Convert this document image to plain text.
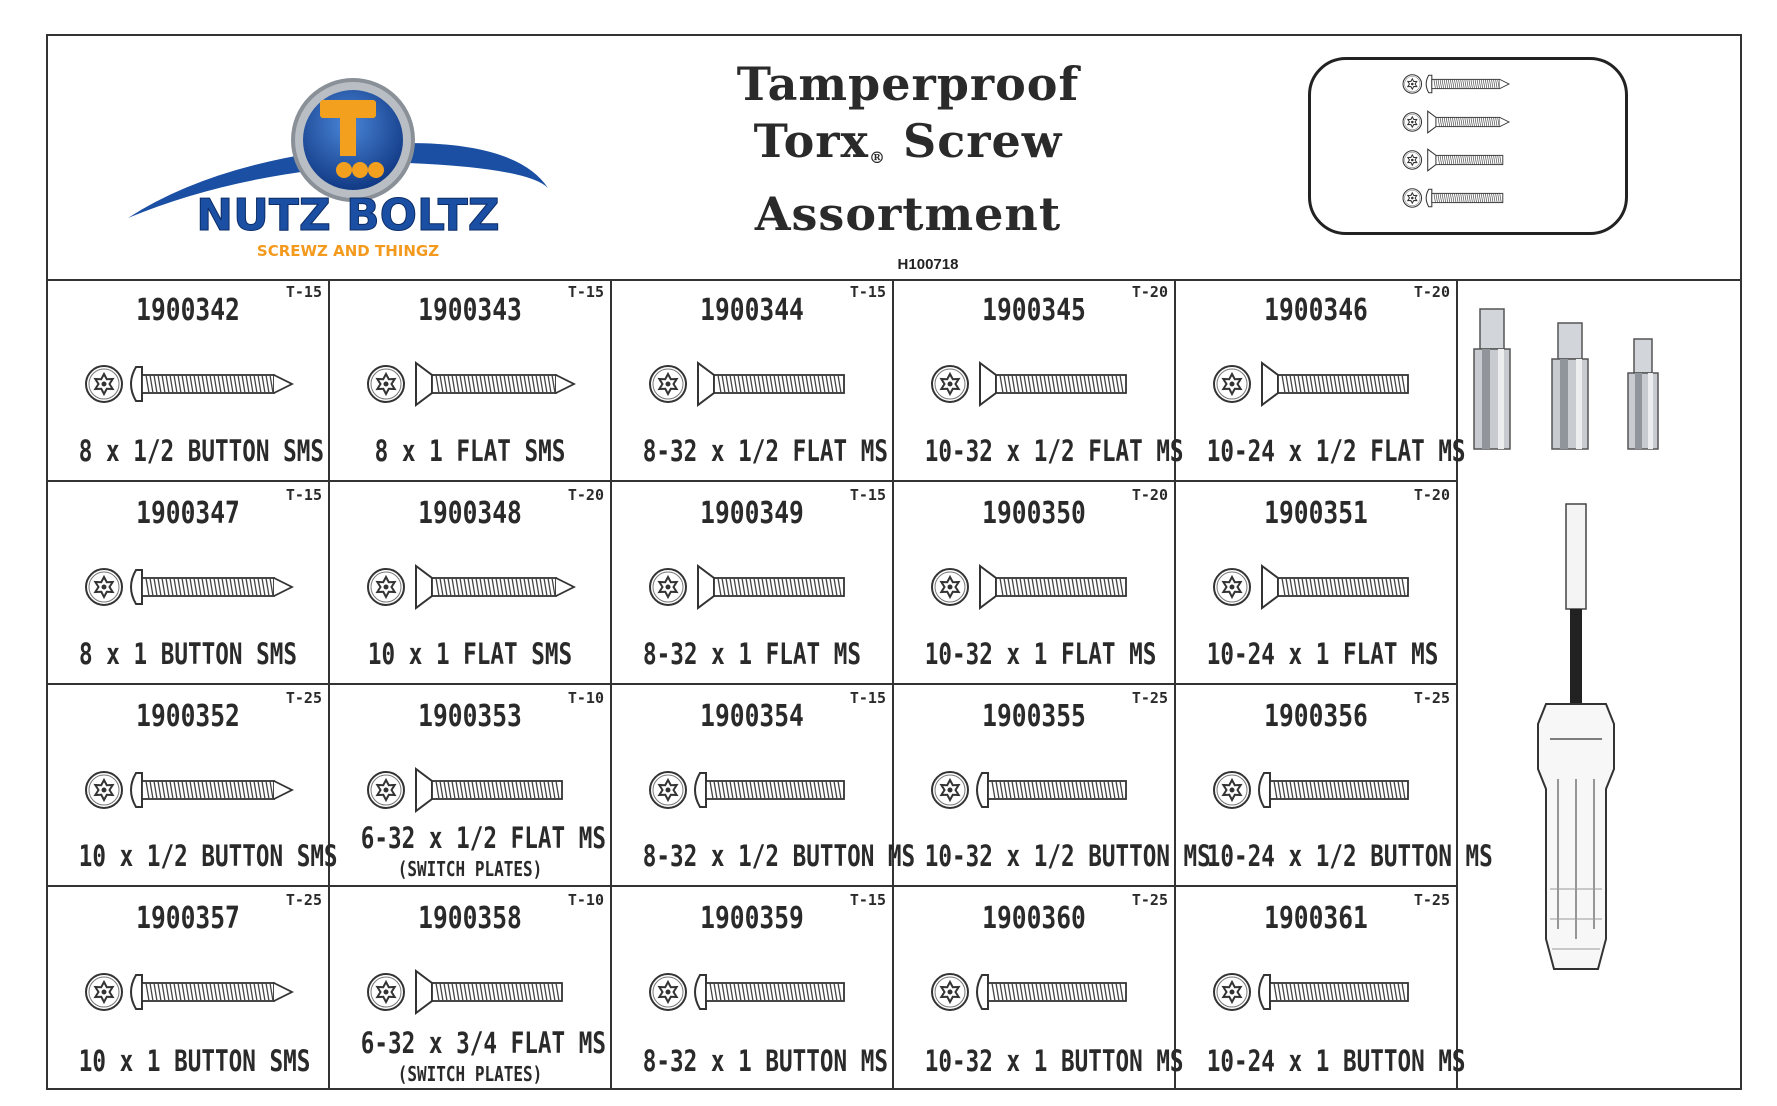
NUTZ BOLTZ
SCREWZ AND THINGZ
Tamperproof
Torx® Screw
Assortment
H100718
1900342
T-15
8 x 1/2 BUTTON SMS
1900343
T-15
8 x 1 FLAT SMS
1900344
T-15
8-32 x 1/2 FLAT MS
1900345
T-20
10-32 x 1/2 FLAT MS
1900346
T-20
10-24 x 1/2 FLAT MS
1900347
T-15
8 x 1 BUTTON SMS
1900348
T-20
10 x 1 FLAT SMS
1900349
T-15
8-32 x 1 FLAT MS
1900350
T-20
10-32 x 1 FLAT MS
1900351
T-20
10-24 x 1 FLAT MS
1900352
T-25
10 x 1/2 BUTTON SMS
1900353
T-10
6-32 x 1/2 FLAT MS
(SWITCH PLATES)
1900354
T-15
8-32 x 1/2 BUTTON MS
1900355
T-25
10-32 x 1/2 BUTTON MS
1900356
T-25
10-24 x 1/2 BUTTON MS
1900357
T-25
10 x 1 BUTTON SMS
1900358
T-10
6-32 x 3/4 FLAT MS
(SWITCH PLATES)
1900359
T-15
8-32 x 1 BUTTON MS
1900360
T-25
10-32 x 1 BUTTON MS
1900361
T-25
10-24 x 1 BUTTON MS
